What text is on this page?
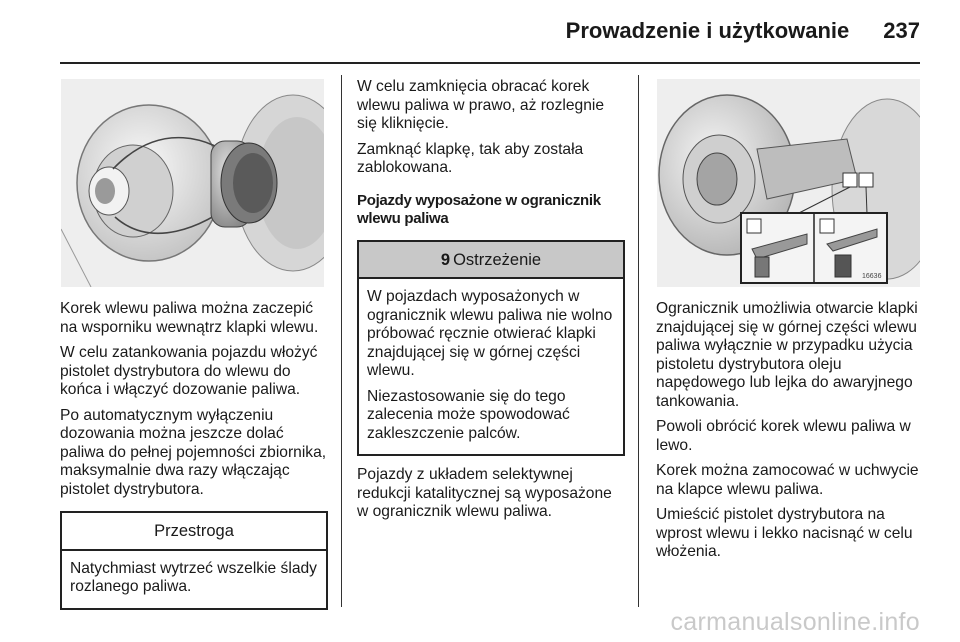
Prowadzenie i użytkowanie 237

Korek wlewu paliwa można zaczepić na wsporniku wewnątrz klapki wlewu.

W celu zatankowania pojazdu włożyć pistolet dystrybutora do wlewu do końca i włączyć dozowanie paliwa.

Po automatycznym wyłączeniu dozowania można jeszcze dolać paliwa do pełnej pojemności zbiornika, maksymalnie dwa razy włączając pistolet dystrybutora.

Przestroga

Natychmiast wytrzeć wszelkie ślady rozlanego paliwa.

W celu zamknięcia obracać korek wlewu paliwa w prawo, aż rozlegnie się kliknięcie.

Zamknąć klapkę, tak aby została zablokowana.

Pojazdy wyposażone w ogranicznik wlewu paliwa
9 Ostrzeżenie

W pojazdach wyposażonych w ogranicznik wlewu paliwa nie wolno próbować ręcznie otwierać klapki znajdującej się w górnej części wlewu.

Niezastosowanie się do tego zalecenia może spowodować zakleszczenie palców.

Pojazdy z układem selektywnej redukcji katalitycznej są wyposażone w ogranicznik wlewu paliwa.

16636

Ogranicznik umożliwia otwarcie klapki znajdującej się w górnej części wlewu paliwa wyłącznie w przypadku użycia pistoletu dystrybutora oleju napędowego lub lejka do awaryjnego tankowania.

Powoli obrócić korek wlewu paliwa w lewo.

Korek można zamocować w uchwycie na klapce wlewu paliwa.

Umieścić pistolet dystrybutora na wprost wlewu i lekko nacisnąć w celu włożenia.

carmanualsonline.info
